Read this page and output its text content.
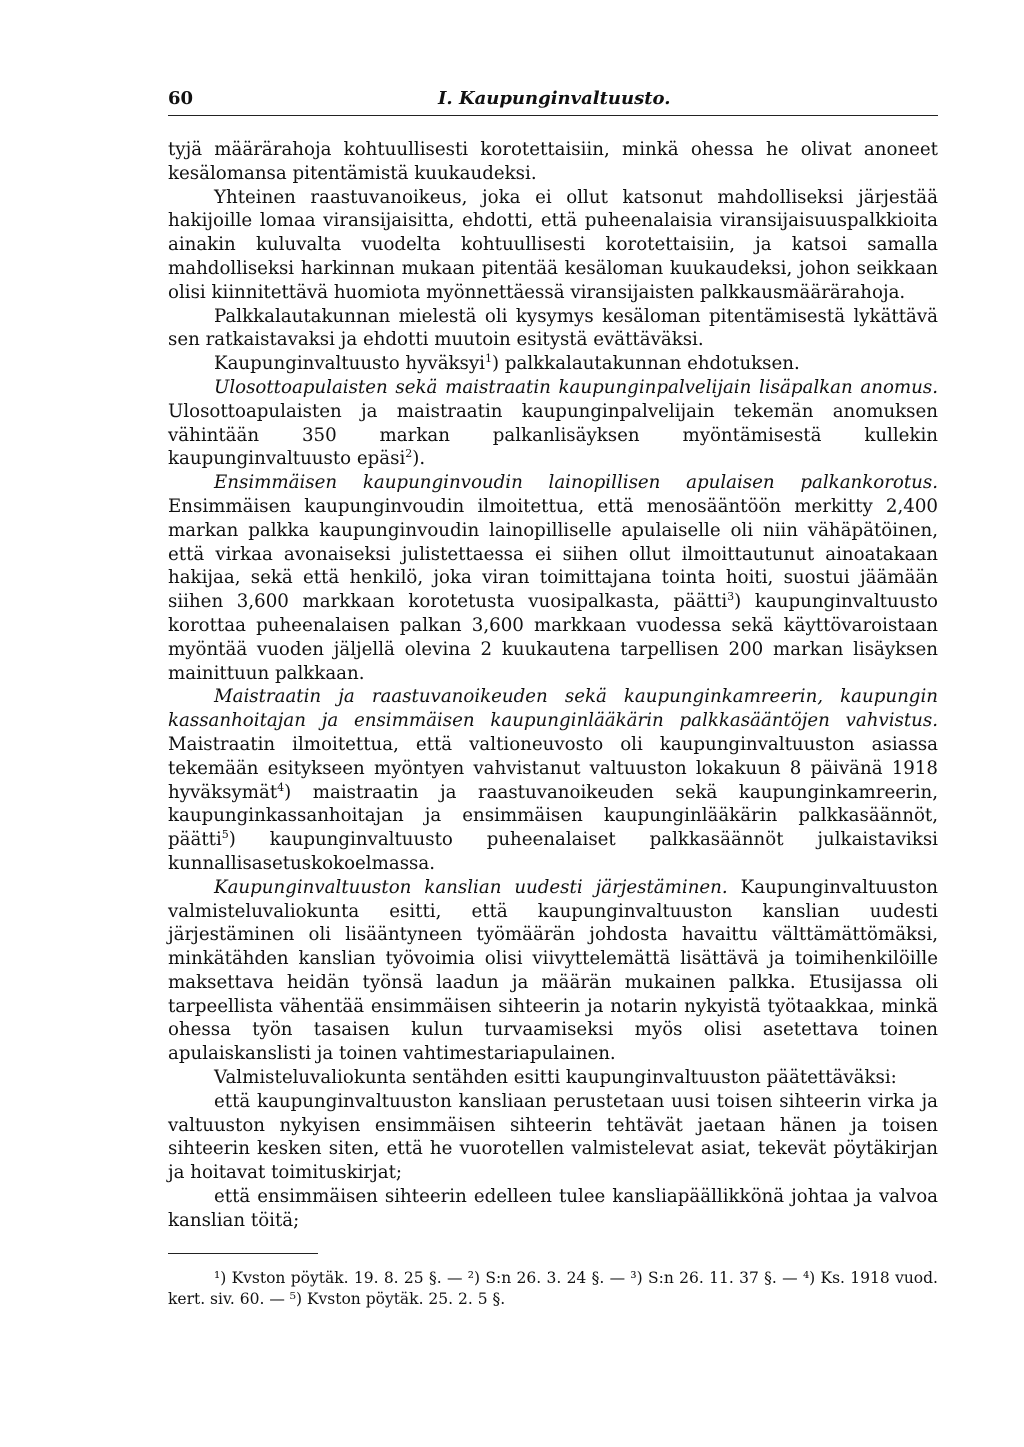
60	I. Kaupunginvaltuusto.

tyjä määrärahoja kohtuullisesti korotettaisiin, minkä ohessa he olivat anoneet kesälomansa pitentämistä kuukaudeksi.

Yhteinen raastuvanoikeus, joka ei ollut katsonut mahdolliseksi järjestää hakijoille lomaa viransijaisitta, ehdotti, että puheenalaisia viransijaisuuspalkkioita ainakin kuluvalta vuodelta kohtuullisesti korotettaisiin, ja katsoi samalla mahdolliseksi harkinnan mukaan pitentää kesäloman kuukaudeksi, johon seikkaan olisi kiinnitettävä huomiota myönnettäessä viransijaisten palkkausmäärärahoja.

Palkkalautakunnan mielestä oli kysymys kesäloman pitentämisestä lykättävä sen ratkaistavaksi ja ehdotti muutoin esitystä evättäväksi.

Kaupunginvaltuusto hyväksyi$^1$) palkkalautakunnan ehdotuksen.

Ulosottoapulaisten sekä maistraatin kaupunginpalvelijain lisäpalkan anomus. Ulosottoapulaisten ja maistraatin kaupunginpalvelijain tekemän anomuksen vähintään 350 markan palkanlisäyksen myöntämisestä kullekin kaupunginvaltuusto epäsi$^2$).

Ensimmäisen kaupunginvoudin lainopillisen apulaisen palkankorotus. Ensimmäisen kaupunginvoudin ilmoitettua, että menosääntöön merkitty 2,400 markan palkka kaupunginvoudin lainopilliselle apulaiselle oli niin vähäpätöinen, että virkaa avonaiseksi julistettaessa ei siihen ollut ilmoittautunut ainoatakaan hakijaa, sekä että henkilö, joka viran toimittajana tointa hoiti, suostui jäämään siihen 3,600 markkaan korotetusta vuosipalkasta, päätti$^3$) kaupunginvaltuusto korottaa puheenalaisen palkan 3,600 markkaan vuodessa sekä käyttövaroistaan myöntää vuoden jäljellä olevina 2 kuukautena tarpellisen 200 markan lisäyksen mainittuun palkkaan.

Maistraatin ja raastuvanoikeuden sekä kaupunginkamreerin, kaupungin kassanhoitajan ja ensimmäisen kaupunginlääkärin palkkasääntöjen vahvistus. Maistraatin ilmoitettua, että valtioneuvosto oli kaupunginvaltuuston asiassa tekemään esitykseen myöntyen vahvistanut valtuuston lokakuun 8 päivänä 1918 hyväksymät$^4$) maistraatin ja raastuvanoikeuden sekä kaupunginkamreerin, kaupunginkassanhoitajan ja ensimmäisen kaupunginlääkärin palkkasäännöt, päätti$^5$) kaupunginvaltuusto puheenalaiset palkkasäännöt julkaistaviksi kunnallisasetuskokoelmassa.

Kaupunginvaltuuston kanslian uudesti järjestäminen. Kaupunginvaltuuston valmisteluvaliokunta esitti, että kaupunginvaltuuston kanslian uudesti järjestäminen oli lisääntyneen työmäärän johdosta havaittu välttämättömäksi, minkätähden kanslian työvoimia olisi viivyttelemättä lisättävä ja toimihenkilöille maksettava heidän työnsä laadun ja määrän mukainen palkka. Etusijassa oli tarpeellista vähentää ensimmäisen sihteerin ja notarin nykyistä työtaakkaa, minkä ohessa työn tasaisen kulun turvaamiseksi myös olisi asetettava toinen apulaiskanslisti ja toinen vahtimestariapulainen.

Valmisteluvaliokunta sentähden esitti kaupunginvaltuuston päätettäväksi:

että kaupunginvaltuuston kansliaan perustetaan uusi toisen sihteerin virka ja valtuuston nykyisen ensimmäisen sihteerin tehtävät jaetaan hänen ja toisen sihteerin kesken siten, että he vuorotellen valmistelevat asiat, tekevät pöytäkirjan ja hoitavat toimituskirjat;

että ensimmäisen sihteerin edelleen tulee kansliapäällikkönä johtaa ja valvoa kanslian töitä;

¹) Kvston pöytäk. 19. 8. 25 §. — ²) S:n 26. 3. 24 §. — ³) S:n 26. 11. 37 §. — ⁴) Ks. 1918 vuod. kert. siv. 60. — ⁵) Kvston pöytäk. 25. 2. 5 §.
